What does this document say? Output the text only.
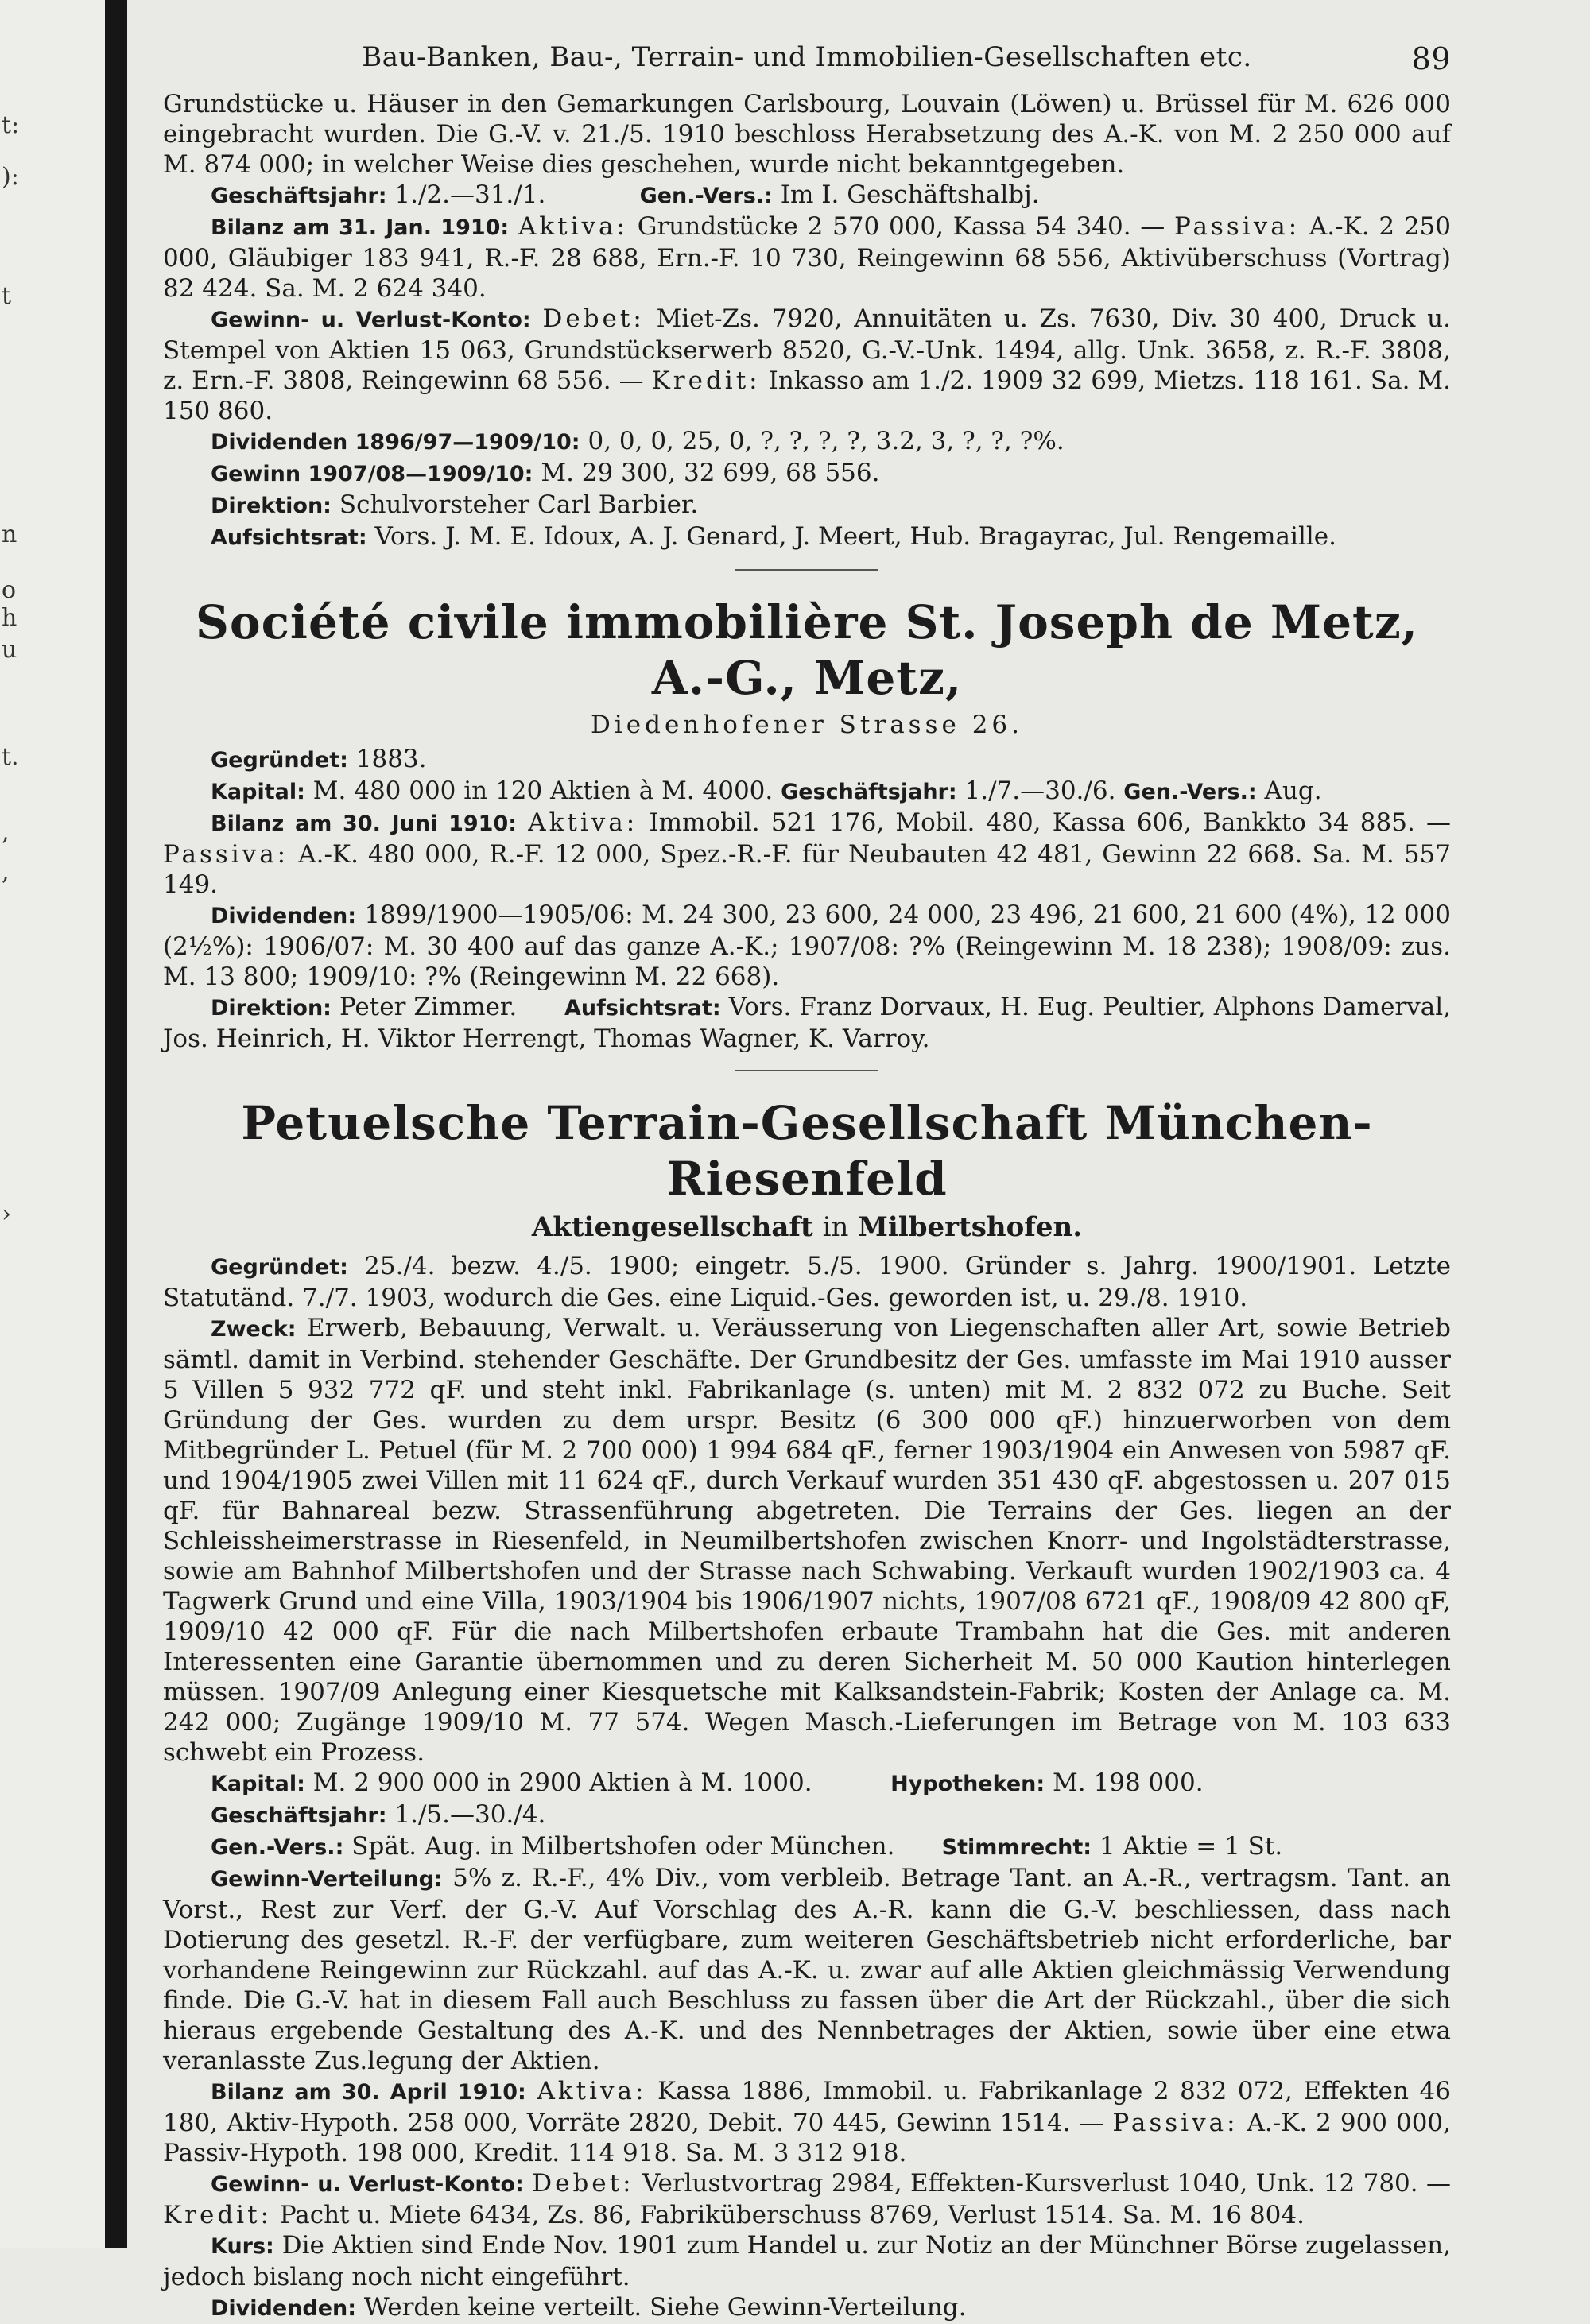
t:
):
t
n
o
h
u
t.
,
,
›
Bau-Banken, Bau-, Terrain- und Immobilien-Gesellschaften etc.	89

Grundstücke u. Häuser in den Gemarkungen Carlsbourg, Louvain (Löwen) u. Brüssel für M. 626 000 eingebracht wurden. Die G.-V. v. 21./5. 1910 beschloss Herabsetzung des A.-K. von M. 2 250 000 auf M. 874 000; in welcher Weise dies geschehen, wurde nicht bekanntgegeben.

Geschäftsjahr: 1./2.—31./1.	Gen.-Vers.: Im I. Geschäftshalbj.

Bilanz am 31. Jan. 1910: Aktiva: Grundstücke 2 570 000, Kassa 54 340. — Passiva: A.-K. 2 250 000, Gläubiger 183 941, R.-F. 28 688, Ern.-F. 10 730, Reingewinn 68 556, Aktivüberschuss (Vortrag) 82 424. Sa. M. 2 624 340.

Gewinn- u. Verlust-Konto: Debet: Miet-Zs. 7920, Annuitäten u. Zs. 7630, Div. 30 400, Druck u. Stempel von Aktien 15 063, Grundstückserwerb 8520, G.-V.-Unk. 1494, allg. Unk. 3658, z. R.-F. 3808, z. Ern.-F. 3808, Reingewinn 68 556. — Kredit: Inkasso am 1./2. 1909 32 699, Mietzs. 118 161. Sa. M. 150 860.

Dividenden 1896/97—1909/10: 0, 0, 0, 25, 0, ?, ?, ?, ?, 3.2, 3, ?, ?, ?%.

Gewinn 1907/08—1909/10: M. 29 300, 32 699, 68 556.

Direktion: Schulvorsteher Carl Barbier.

Aufsichtsrat: Vors. J. M. E. Idoux, A. J. Genard, J. Meert, Hub. Bragayrac, Jul. Rengemaille.

Société civile immobilière St. Joseph de Metz, A.-G., Metz,
Diedenhofener Strasse 26.

Gegründet: 1883.

Kapital: M. 480 000 in 120 Aktien à M. 4000. Geschäftsjahr: 1./7.—30./6. Gen.-Vers.: Aug.

Bilanz am 30. Juni 1910: Aktiva: Immobil. 521 176, Mobil. 480, Kassa 606, Bankkto 34 885. — Passiva: A.-K. 480 000, R.-F. 12 000, Spez.-R.-F. für Neubauten 42 481, Gewinn 22 668. Sa. M. 557 149.

Dividenden: 1899/1900—1905/06: M. 24 300, 23 600, 24 000, 23 496, 21 600, 21 600 (4%), 12 000 (2½%): 1906/07: M. 30 400 auf das ganze A.-K.; 1907/08: ?% (Reingewinn M. 18 238); 1908/09: zus. M. 13 800; 1909/10: ?% (Reingewinn M. 22 668).

Direktion: Peter Zimmer. Aufsichtsrat: Vors. Franz Dorvaux, H. Eug. Peultier, Alphons Damerval, Jos. Heinrich, H. Viktor Herrengt, Thomas Wagner, K. Varroy.

Petuelsche Terrain-Gesellschaft München-Riesenfeld
Aktiengesellschaft in Milbertshofen.

Gegründet: 25./4. bezw. 4./5. 1900; eingetr. 5./5. 1900. Gründer s. Jahrg. 1900/1901. Letzte Statutänd. 7./7. 1903, wodurch die Ges. eine Liquid.-Ges. geworden ist, u. 29./8. 1910.

Zweck: Erwerb, Bebauung, Verwalt. u. Veräusserung von Liegenschaften aller Art, sowie Betrieb sämtl. damit in Verbind. stehender Geschäfte. Der Grundbesitz der Ges. umfasste im Mai 1910 ausser 5 Villen 5 932 772 qF. und steht inkl. Fabrikanlage (s. unten) mit M. 2 832 072 zu Buche. Seit Gründung der Ges. wurden zu dem urspr. Besitz (6 300 000 qF.) hinzuerworben von dem Mitbegründer L. Petuel (für M. 2 700 000) 1 994 684 qF., ferner 1903/1904 ein Anwesen von 5987 qF. und 1904/1905 zwei Villen mit 11 624 qF., durch Verkauf wurden 351 430 qF. abgestossen u. 207 015 qF. für Bahnareal bezw. Strassenführung abgetreten. Die Terrains der Ges. liegen an der Schleissheimerstrasse in Riesenfeld, in Neumilbertshofen zwischen Knorr- und Ingolstädterstrasse, sowie am Bahnhof Milbertshofen und der Strasse nach Schwabing. Verkauft wurden 1902/1903 ca. 4 Tagwerk Grund und eine Villa, 1903/1904 bis 1906/1907 nichts, 1907/08 6721 qF., 1908/09 42 800 qF, 1909/10 42 000 qF. Für die nach Milbertshofen erbaute Trambahn hat die Ges. mit anderen Interessenten eine Garantie übernommen und zu deren Sicherheit M. 50 000 Kaution hinterlegen müssen. 1907/09 Anlegung einer Kiesquetsche mit Kalksandstein-Fabrik; Kosten der Anlage ca. M. 242 000; Zugänge 1909/10 M. 77 574. Wegen Masch.-Lieferungen im Betrage von M. 103 633 schwebt ein Prozess.

Kapital: M. 2 900 000 in 2900 Aktien à M. 1000.	Hypotheken: M. 198 000.

Geschäftsjahr: 1./5.—30./4.

Gen.-Vers.: Spät. Aug. in Milbertshofen oder München. Stimmrecht: 1 Aktie = 1 St.

Gewinn-Verteilung: 5% z. R.-F., 4% Div., vom verbleib. Betrage Tant. an A.-R., vertragsm. Tant. an Vorst., Rest zur Verf. der G.-V. Auf Vorschlag des A.-R. kann die G.-V. beschliessen, dass nach Dotierung des gesetzl. R.-F. der verfügbare, zum weiteren Geschäftsbetrieb nicht erforderliche, bar vorhandene Reingewinn zur Rückzahl. auf das A.-K. u. zwar auf alle Aktien gleichmässig Verwendung finde. Die G.-V. hat in diesem Fall auch Beschluss zu fassen über die Art der Rückzahl., über die sich hieraus ergebende Gestaltung des A.-K. und des Nennbetrages der Aktien, sowie über eine etwa veranlasste Zus.legung der Aktien.

Bilanz am 30. April 1910: Aktiva: Kassa 1886, Immobil. u. Fabrikanlage 2 832 072, Effekten 46 180, Aktiv-Hypoth. 258 000, Vorräte 2820, Debit. 70 445, Gewinn 1514. — Passiva: A.-K. 2 900 000, Passiv-Hypoth. 198 000, Kredit. 114 918. Sa. M. 3 312 918.

Gewinn- u. Verlust-Konto: Debet: Verlustvortrag 2984, Effekten-Kursverlust 1040, Unk. 12 780. — Kredit: Pacht u. Miete 6434, Zs. 86, Fabriküberschuss 8769, Verlust 1514. Sa. M. 16 804.

Kurs: Die Aktien sind Ende Nov. 1901 zum Handel u. zur Notiz an der Münchner Börse zugelassen, jedoch bislang noch nicht eingeführt.

Dividenden: Werden keine verteilt. Siehe Gewinn-Verteilung.
